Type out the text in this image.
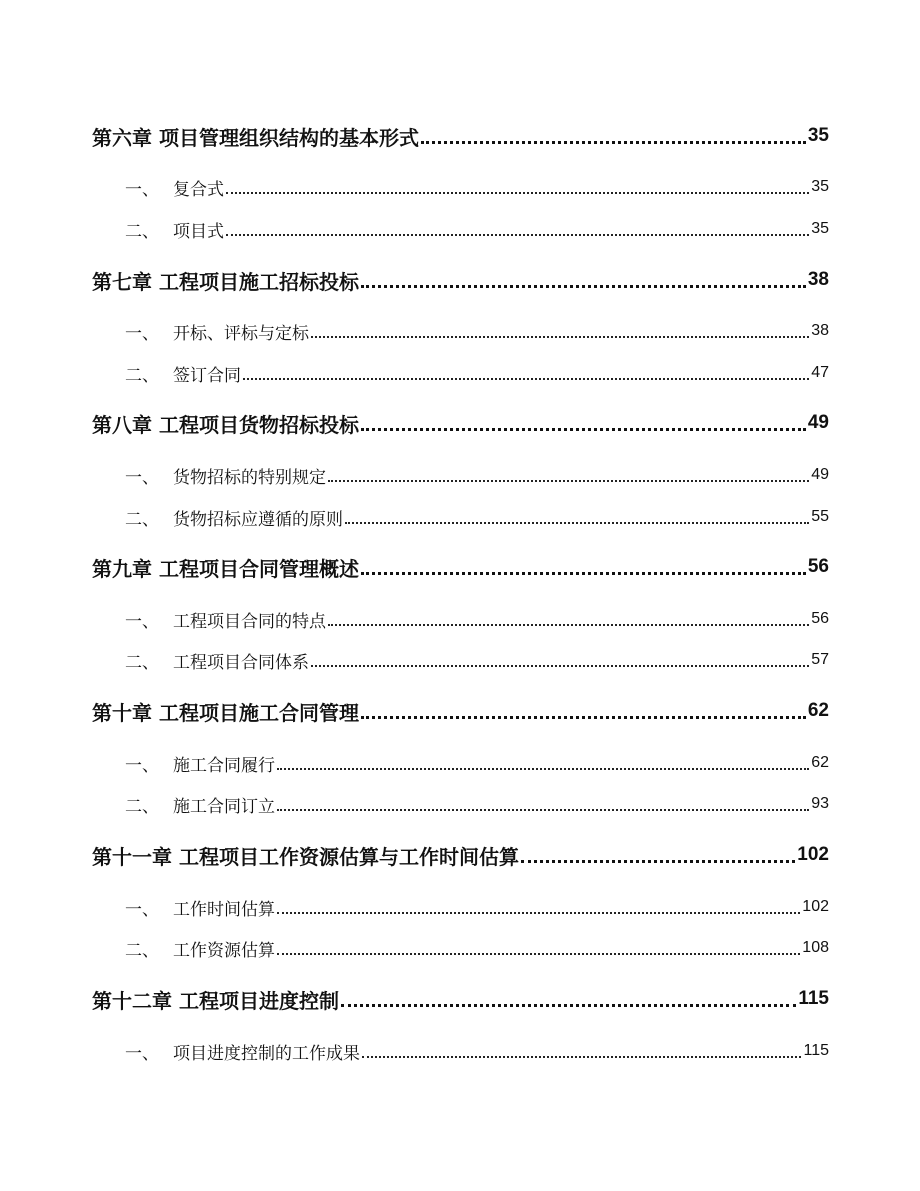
第六章 项目管理组织结构的基本形式	35
一、 复合式	35
二、 项目式	35
第七章 工程项目施工招标投标	38
一、 开标、评标与定标	38
二、 签订合同	47
第八章 工程项目货物招标投标	49
一、 货物招标的特别规定	49
二、 货物招标应遵循的原则	55
第九章 工程项目合同管理概述	56
一、 工程项目合同的特点	56
二、 工程项目合同体系	57
第十章 工程项目施工合同管理	62
一、 施工合同履行	62
二、 施工合同订立	93
第十一章 工程项目工作资源估算与工作时间估算	102
一、 工作时间估算	102
二、 工作资源估算	108
第十二章 工程项目进度控制	115
一、 项目进度控制的工作成果	115
